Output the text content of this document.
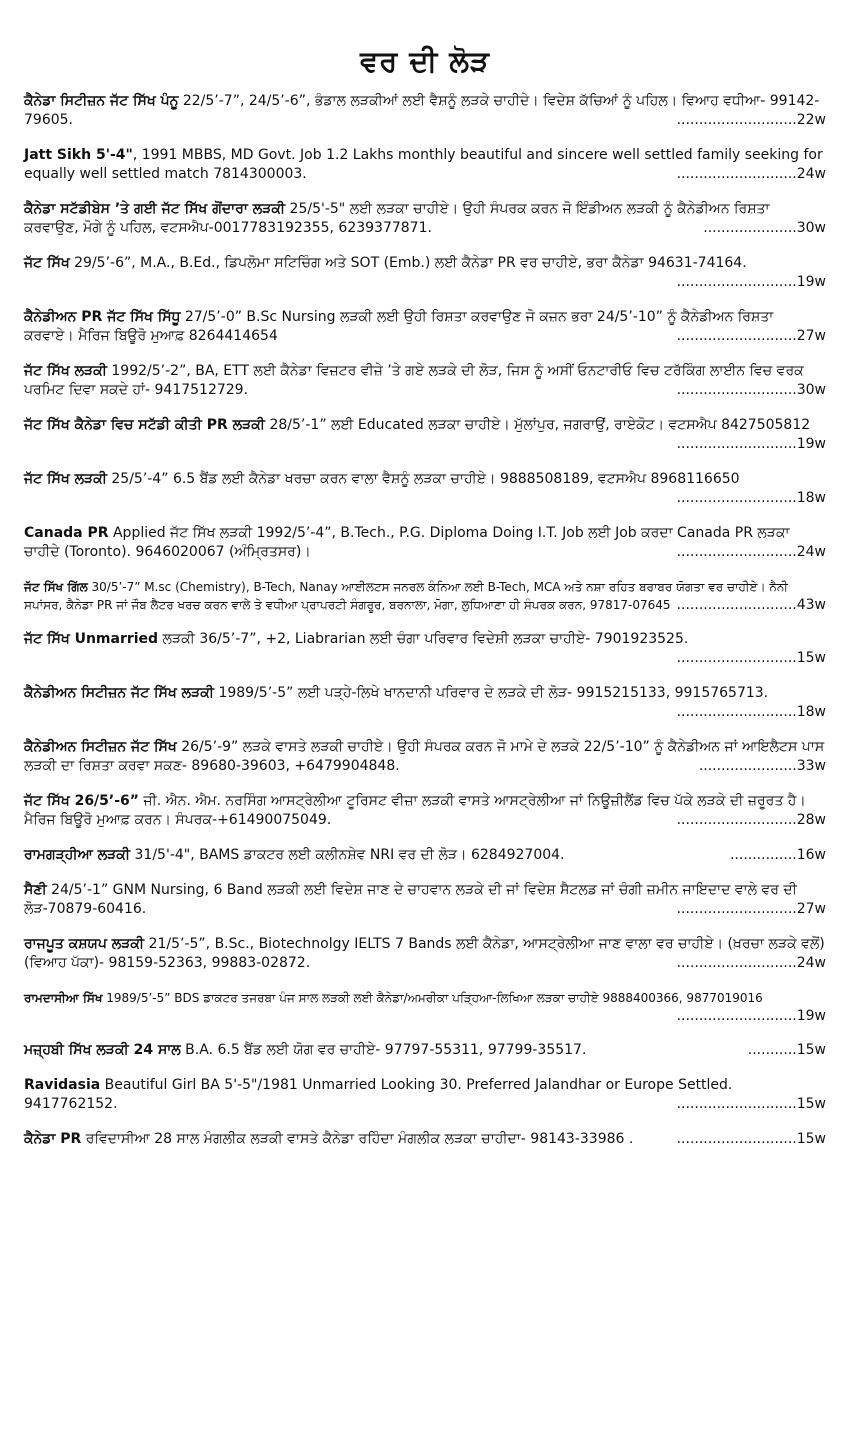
ਵਰ ਦੀ ਲੋੜ
ਕੈਨੇਡਾ ਸਿਟੀਜ਼ਨ ਜੱਟ ਸਿੱਖ ਪੰਨੂ 22/5’-7”, 24/5’-6”, ਭੰਡਾਲ ਲੜਕੀਆਂ ਲਈ ਵੈਸ਼ਨੂੰ ਲੜਕੇ ਚਾਹੀਦੇ। ਵਿਦੇਸ਼ ਕੱਚਿਆਂ ਨੂੰ ਪਹਿਲ। ਵਿਆਹ ਵਧੀਆ- 99142-79605.	...........................22w
Jatt Sikh 5'-4", 1991 MBBS, MD Govt. Job 1.2 Lakhs monthly beautiful and sincere well settled family seeking for equally well settled match 7814300003.	...........................24w
ਕੈਨੇਡਾ ਸਟੱਡੀਬੇਸ ’ਤੇ ਗਈ ਜੱਟ ਸਿੱਖ ਗੋਂਦਾਰਾ ਲੜਕੀ 25/5'-5" ਲਈ ਲੜਕਾ ਚਾਹੀਏ। ਉਹੀ ਸੰਪਰਕ ਕਰਨ ਜੋ ਇੰਡੀਅਨ ਲੜਕੀ ਨੂੰ ਕੈਨੇਡੀਅਨ ਰਿਸ਼ਤਾ ਕਰਵਾਉਣ, ਮੋਗੇ ਨੂੰ ਪਹਿਲ, ਵਟਸਐਪ-0017783192355, 6239377871.	.....................30w
ਜੱਟ ਸਿੱਖ 29/5’-6”, M.A., B.Ed., ਡਿਪਲੋਮਾ ਸਟਿਚਿੰਗ ਅਤੇ SOT (Emb.) ਲਈ ਕੈਨੇਡਾ PR ਵਰ ਚਾਹੀਏ, ਭਰਾ ਕੈਨੇਡਾ 94631-74164.
...........................19w
ਕੈਨੇਡੀਅਨ PR ਜੱਟ ਸਿੱਖ ਸਿੱਧੂ 27/5’-0” B.Sc Nursing ਲੜਕੀ ਲਈ ਉਹੀ ਰਿਸ਼ਤਾ ਕਰਵਾਉਣ ਜੋ ਕਜ਼ਨ ਭਰਾ 24/5’-10” ਨੂੰ ਕੈਨੇਡੀਅਨ ਰਿਸ਼ਤਾ ਕਰਵਾਏ। ਮੈਰਿਜ ਬਿਊਰੋ ਮੁਆਫ਼ 8264414654	...........................27w
ਜੱਟ ਸਿੱਖ ਲੜਕੀ 1992/5’-2”, BA, ETT ਲਈ ਕੈਨੇਡਾ ਵਿਜ਼ਟਰ ਵੀਜ਼ੇ ’ਤੇ ਗਏ ਲੜਕੇ ਦੀ ਲੋੜ, ਜਿਸ ਨੂੰ ਅਸੀਂ ਓਨਟਾਰੀਓ ਵਿਚ ਟਰੱਕਿੰਗ ਲਾਈਨ ਵਿਚ ਵਰਕ ਪਰਮਿਟ ਦਿਵਾ ਸਕਦੇ ਹਾਂ- 9417512729.	...........................30w
ਜੱਟ ਸਿੱਖ ਕੈਨੇਡਾ ਵਿਚ ਸਟੱਡੀ ਕੀਤੀ PR ਲੜਕੀ 28/5’-1” ਲਈ Educated ਲੜਕਾ ਚਾਹੀਏ। ਮੁੱਲਾਂਪੁਰ, ਜਗਰਾਉਂ, ਰਾਏਕੋਟ। ਵਟਸਐਪ 8427505812
...........................19w
ਜੱਟ ਸਿੱਖ ਲੜਕੀ 25/5’-4” 6.5 ਬੈਂਡ ਲਈ ਕੈਨੇਡਾ ਖਰਚਾ ਕਰਨ ਵਾਲਾ ਵੈਸ਼ਨੂੰ ਲੜਕਾ ਚਾਹੀਏ। 9888508189, ਵਟਸਐਪ 8968116650
...........................18w
Canada PR Applied ਜੱਟ ਸਿੱਖ ਲੜਕੀ 1992/5’-4”, B.Tech., P.G. Diploma Doing I.T. Job ਲਈ Job ਕਰਦਾ Canada PR ਲੜਕਾ ਚਾਹੀਦੇ (Toronto). 9646020067 (ਅੰਮ੍ਰਿਤਸਰ)।	...........................24w
ਜੱਟ ਸਿੱਖ ਗਿੱਲ 30/5’-7” M.sc (Chemistry), B-Tech, Nanay ਆਈਲਟਸ ਜਨਰਲ ਕੰਨਿਆ ਲਈ B-Tech, MCA ਅਤੇ ਨਸ਼ਾ ਰਹਿਤ ਬਰਾਬਰ ਯੋਗਤਾ ਵਰ ਚਾਹੀਏ। ਨੈਨੀ ਸਪਾਂਸਰ, ਕੈਨੇਡਾ PR ਜਾਂ ਜੌਬ ਲੈਟਰ ਖਰਚ ਕਰਨ ਵਾਲੇ ਤੇ ਵਧੀਆ ਪ੍ਰਾਪਰਟੀ ਸੰਗਰੂਰ, ਬਰਨਾਲਾ, ਮੋਗਾ, ਲੁਧਿਆਣਾ ਹੀ ਸੰਪਰਕ ਕਰਨ, 97817-07645 ...........................43w
ਜੱਟ ਸਿੱਖ Unmarried ਲੜਕੀ 36/5’-7”, +2, Liabrarian ਲਈ ਚੰਗਾ ਪਰਿਵਾਰ ਵਿਦੇਸ਼ੀ ਲੜਕਾ ਚਾਹੀਏ- 7901923525.
...........................15w
ਕੈਨੇਡੀਅਨ ਸਿਟੀਜ਼ਨ ਜੱਟ ਸਿੱਖ ਲੜਕੀ 1989/5’-5” ਲਈ ਪੜ੍ਹੇ-ਲਿਖੇ ਖਾਨਦਾਨੀ ਪਰਿਵਾਰ ਦੇ ਲੜਕੇ ਦੀ ਲੋੜ- 9915215133, 9915765713.
...........................18w
ਕੈਨੇਡੀਅਨ ਸਿਟੀਜ਼ਨ ਜੱਟ ਸਿੱਖ 26/5’-9” ਲੜਕੇ ਵਾਸਤੇ ਲੜਕੀ ਚਾਹੀਏ। ਉਹੀ ਸੰਪਰਕ ਕਰਨ ਜੋ ਮਾਮੇ ਦੇ ਲੜਕੇ 22/5’-10” ਨੂੰ ਕੈਨੇਡੀਅਨ ਜਾਂ ਆਇਲੈਟਸ ਪਾਸ ਲੜਕੀ ਦਾ ਰਿਸ਼ਤਾ ਕਰਵਾ ਸਕਣ- 89680-39603, +6479904848.	......................33w
ਜੱਟ ਸਿੱਖ 26/5’-6” ਜੀ. ਐਨ. ਐਮ. ਨਰਸਿੰਗ ਆਸਟ੍ਰੇਲੀਆ ਟੂਰਿਸਟ ਵੀਜ਼ਾ ਲੜਕੀ ਵਾਸਤੇ ਆਸਟ੍ਰੇਲੀਆ ਜਾਂ ਨਿਊਜ਼ੀਲੈਂਡ ਵਿਚ ਪੱਕੇ ਲੜਕੇ ਦੀ ਜ਼ਰੂਰਤ ਹੈ। ਮੈਰਿਜ ਬਿਊਰੋ ਮੁਆਫ਼ ਕਰਨ। ਸੰਪਰਕ-+61490075049.	...........................28w
ਰਾਮਗੜ੍ਹੀਆ ਲੜਕੀ 31/5'-4", BAMS ਡਾਕਟਰ ਲਈ ਕਲੀਨਸ਼ੇਵ NRI ਵਰ ਦੀ ਲੋੜ। 6284927004.	...............16w
ਸੈਣੀ 24/5’-1” GNM Nursing, 6 Band ਲੜਕੀ ਲਈ ਵਿਦੇਸ਼ ਜਾਣ ਦੇ ਚਾਹਵਾਨ ਲੜਕੇ ਦੀ ਜਾਂ ਵਿਦੇਸ਼ ਸੈਟਲਡ ਜਾਂ ਚੰਗੀ ਜ਼ਮੀਨ ਜਾਇਦਾਦ ਵਾਲੇ ਵਰ ਦੀ ਲੋੜ-70879-60416.	...........................27w
ਰਾਜਪੂਤ ਕਸ਼ਯਪ ਲੜਕੀ 21/5’-5”, B.Sc., Biotechnolgy IELTS 7 Bands ਲਈ ਕੈਨੇਡਾ, ਆਸਟ੍ਰੇਲੀਆ ਜਾਣ ਵਾਲਾ ਵਰ ਚਾਹੀਏ। (ਖ਼ਰਚਾ ਲੜਕੇ ਵਲੋਂ) (ਵਿਆਹ ਪੱਕਾ)- 98159-52363, 99883-02872.	...........................24w
ਰਾਮਦਾਸੀਆ ਸਿੱਖ 1989/5’-5” BDS ਡਾਕਟਰ ਤਜਰਬਾ ਪੰਜ ਸਾਲ ਲੜਕੀ ਲਈ ਕੈਨੇਡਾ/ਅਮਰੀਕਾ ਪੜ੍ਹਿਆ-ਲਿਖਿਆ ਲੜਕਾ ਚਾਹੀਏ 9888400366, 9877019016
...........................19w
ਮਜ਼੍ਹਬੀ ਸਿੱਖ ਲੜਕੀ 24 ਸਾਲ B.A. 6.5 ਬੈਂਡ ਲਈ ਯੋਗ ਵਰ ਚਾਹੀਏ- 97797-55311, 97799-35517.	...........15w
Ravidasia Beautiful Girl BA 5'-5"/1981 Unmarried Looking 30. Preferred Jalandhar or Europe Settled. 9417762152.	...........................15w
ਕੈਨੇਡਾ PR ਰਵਿਦਾਸੀਆ 28 ਸਾਲ ਮੰਗਲੀਕ ਲੜਕੀ ਵਾਸਤੇ ਕੈਨੇਡਾ ਰਹਿੰਦਾ ਮੰਗਲੀਕ ਲੜਕਾ ਚਾਹੀਦਾ- 98143-33986 .	...........................15w
